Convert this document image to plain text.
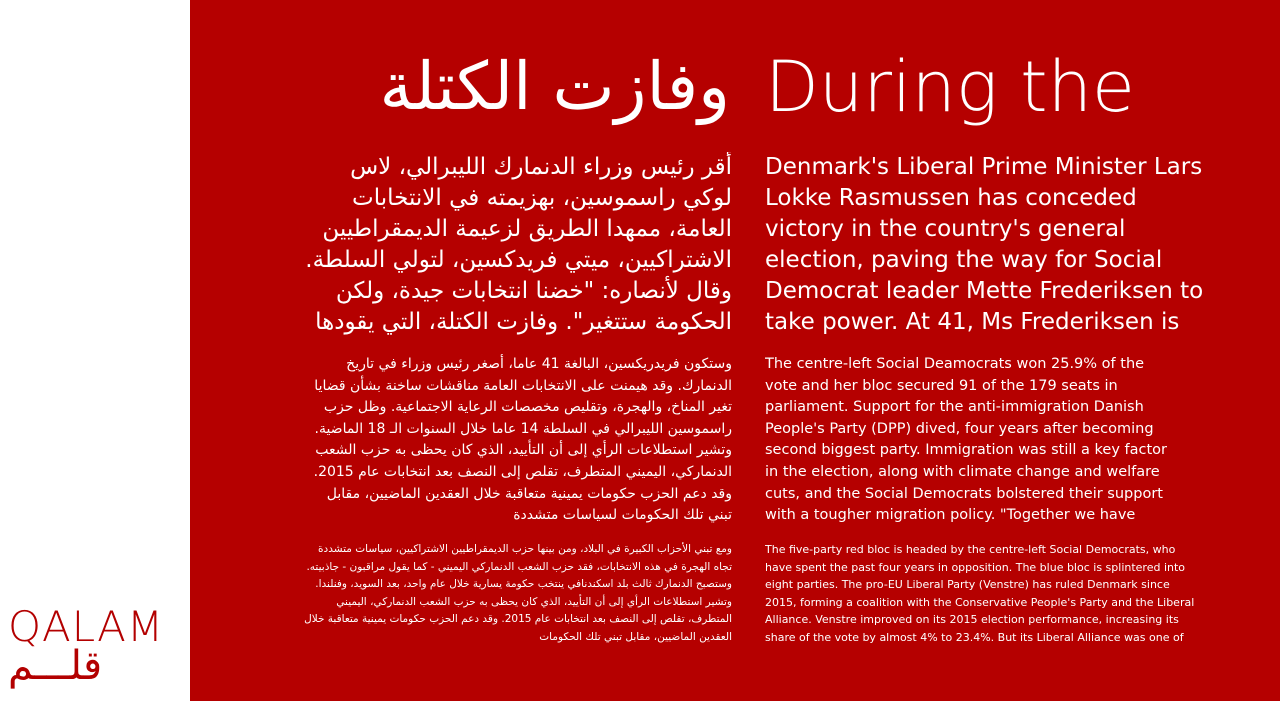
QALAM
قلـــم
وفازت الكتلة During the
أقر رئيس وزراء الدنمارك الليبرالي، لاس لوكي راسموسين، بهزيمته في الانتخابات العامة، ممهدا الطريق لزعيمة الديمقراطيين الاشتراكيين، ميتي فريدكسين، لتولي السلطة. وقال لأنصاره: "خضنا انتخابات جيدة، ولكن الحكومة ستتغير". وفازت الكتلة، التي يقودها
Denmark's Liberal Prime Minister Lars Lokke Rasmussen has conceded victory in the country's general election, paving the way for Social Democrat leader Mette Frederiksen to take power. At 41, Ms Frederiksen is
وستكون فريدريكسين، البالغة 41 عاما، أصغر رئيس وزراء في تاريخ الدنمارك. وقد هيمنت على الانتخابات العامة مناقشات ساخنة بشأن قضايا تغير المناخ، والهجرة، وتقليص مخصصات الرعاية الاجتماعية. وظل حزب راسموسين الليبرالي في السلطة 14 عاما خلال السنوات الـ 18 الماضية. وتشير استطلاعات الرأي إلى أن التأييد، الذي كان يحظى به حزب الشعب الدنماركي، اليميني المتطرف، تقلص إلى النصف بعد انتخابات عام 2015. وقد دعم الحزب حكومات يمينية متعاقبة خلال العقدين الماضيين، مقابل تبني تلك الحكومات لسياسات متشددة
The centre-left Social Deamocrats won 25.9% of the vote and her bloc secured 91 of the 179 seats in parliament. Support for the anti-immigration Danish People's Party (DPP) dived, four years after becoming second biggest party. Immigration was still a key factor in the election, along with climate change and welfare cuts, and the Social Democrats bolstered their support with a tougher migration policy. "Together we have
ومع تبني الأحزاب الكبيرة في البلاد، ومن بينها حزب الديمقراطيين الاشتراكيين، سياسات متشددة تجاه الهجرة في هذه الانتخابات، فقد حزب الشعب الدنماركي اليميني - كما يقول مراقبون - جاذبيته. وستصبح الدنمارك ثالث بلد اسكندنافي ينتخب حكومة يسارية خلال عام واحد، بعد السويد، وفنلندا. وتشير استطلاعات الرأي إلى أن التأييد، الذي كان يحظى به حزب الشعب الدنماركي، اليميني المتطرف، تقلص إلى النصف بعد انتخابات عام 2015. وقد دعم الحزب حكومات يمينية متعاقبة خلال العقدين الماضيين، مقابل تبني تلك الحكومات
The five-party red bloc is headed by the centre-left Social Democrats, who have spent the past four years in opposition. The blue bloc is splintered into eight parties. The pro-EU Liberal Party (Venstre) has ruled Denmark since 2015, forming a coalition with the Conservative People's Party and the Liberal Alliance. Venstre improved on its 2015 election performance, increasing its share of the vote by almost 4% to 23.4%. But its Liberal Alliance was one of
